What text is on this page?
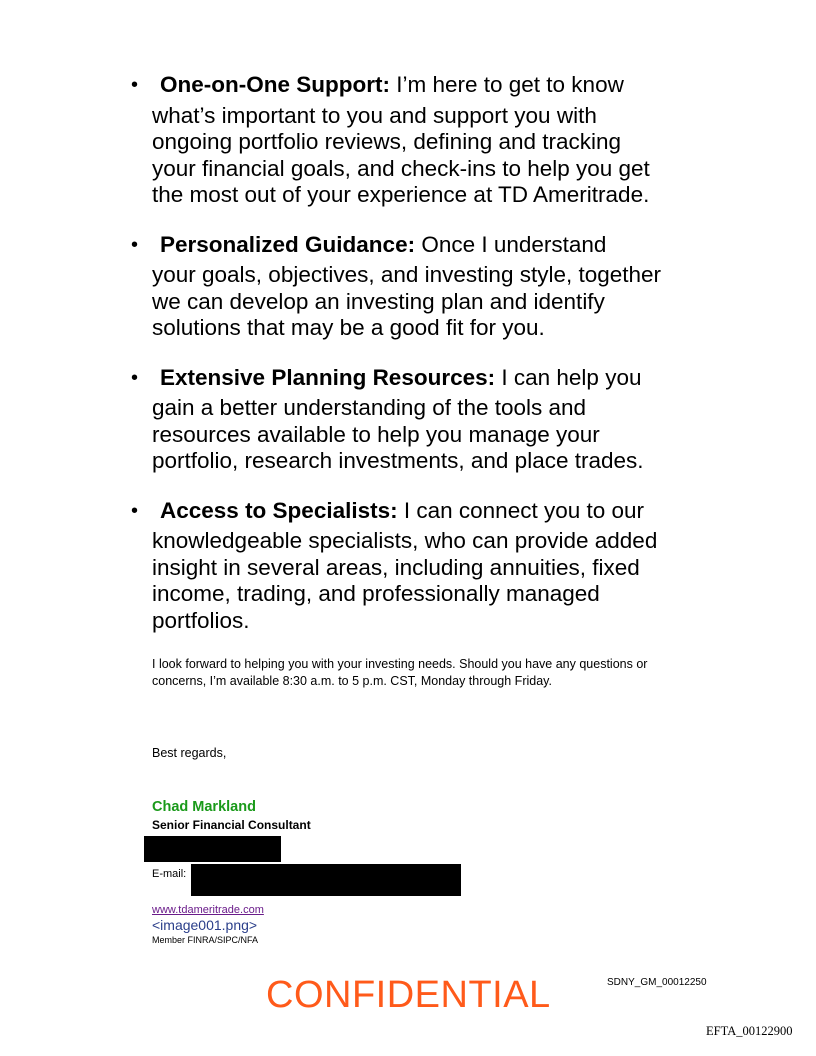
• One-on-One Support: I’m here to get to know
what’s important to you and support you with ongoing portfolio reviews, defining and tracking your financial goals, and check-ins to help you get the most out of your experience at TD Ameritrade.
• Personalized Guidance: Once I understand
your goals, objectives, and investing style, together we can develop an investing plan and identify solutions that may be a good fit for you.
• Extensive Planning Resources: I can help you
gain a better understanding of the tools and resources available to help you manage your portfolio, research investments, and place trades.
• Access to Specialists: I can connect you to our
knowledgeable specialists, who can provide added insight in several areas, including annuities, fixed income, trading, and professionally managed portfolios.
I look forward to helping you with your investing needs. Should you have any questions or concerns, I’m available 8:30 a.m. to 5 p.m. CST, Monday through Friday.
Best regards,
Chad Markland
Senior Financial Consultant
E-mail:
www.tdameritrade.com
<image001.png>
Member FINRA/SIPC/NFA
CONFIDENTIAL	SDNY_GM_00012250
EFTA_00122900
